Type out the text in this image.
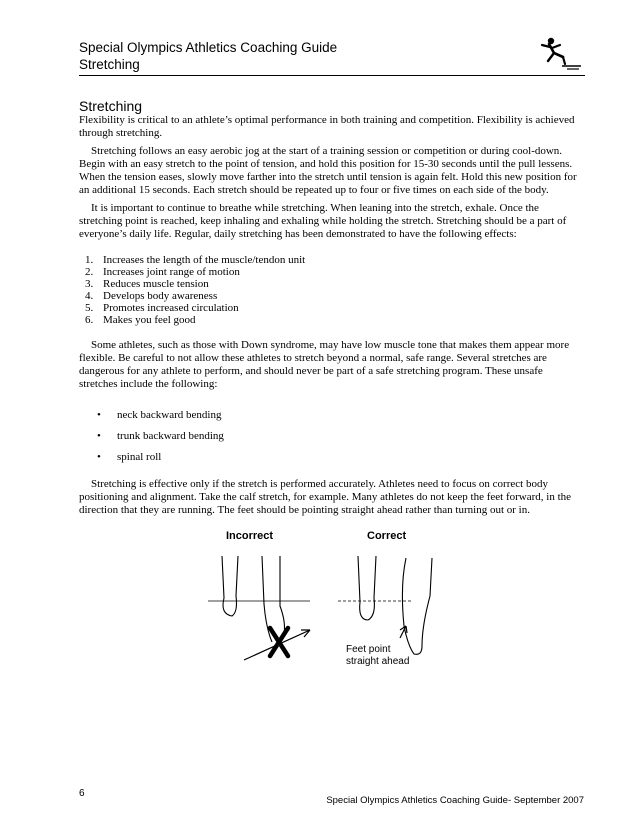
Special Olympics Athletics Coaching Guide
Stretching
Stretching

Flexibility is critical to an athlete’s optimal performance in both training and competition. Flexibility is achieved through stretching.

Stretching follows an easy aerobic jog at the start of a training session or competition or during cool-down. Begin with an easy stretch to the point of tension, and hold this position for 15-30 seconds until the pull lessens. When the tension eases, slowly move farther into the stretch until tension is again felt. Hold this new position for an additional 15 seconds. Each stretch should be repeated up to four or five times on each side of the body.

It is important to continue to breathe while stretching. When leaning into the stretch, exhale. Once the stretching point is reached, keep inhaling and exhaling while holding the stretch. Stretching should be a part of everyone’s daily life. Regular, daily stretching has been demonstrated to have the following effects:

1. Increases the length of the muscle/tendon unit
2. Increases joint range of motion
3. Reduces muscle tension
4. Develops body awareness
5. Promotes increased circulation
6. Makes you feel good

Some athletes, such as those with Down syndrome, may have low muscle tone that makes them appear more flexible. Be careful to not allow these athletes to stretch beyond a normal, safe range. Several stretches are dangerous for any athlete to perform, and should never be part of a safe stretching program. These unsafe stretches include the following:

• neck backward bending
• trunk backward bending
• spinal roll

Stretching is effective only if the stretch is performed accurately. Athletes need to focus on correct body positioning and alignment. Take the calf stretch, for example. Many athletes do not keep the feet forward, in the direction that they are running. The feet should be pointing straight ahead rather than turning out or in.

Incorrect	Correct
Feet point
straight ahead
6
Special Olympics Athletics Coaching Guide- September 2007
